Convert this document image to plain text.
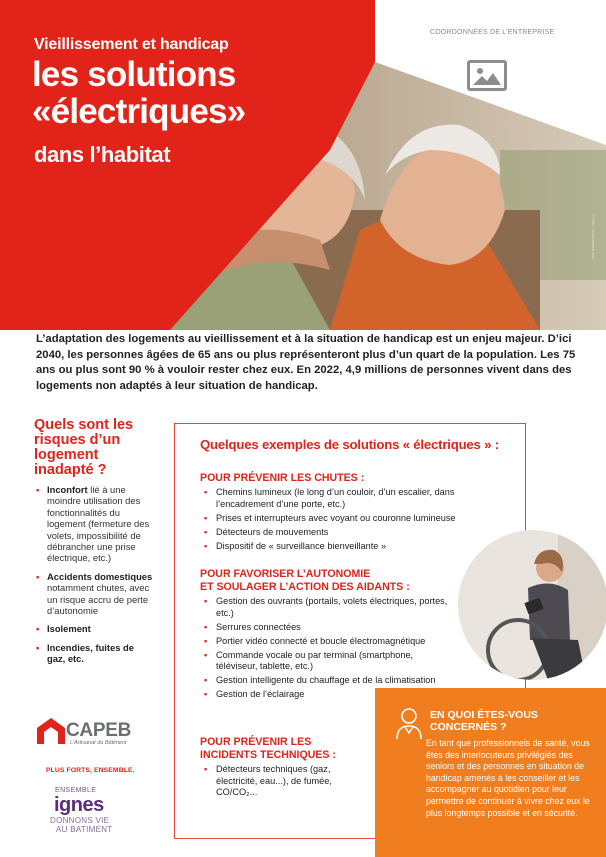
Vieillissement et handicap
les solutions
«électriques»
dans l’habitat
COORDONNÉES DE L’ENTREPRISE
© Ekin - stock.adobe.com

L’adaptation des logements au vieillissement et à la situation de handicap est un enjeu majeur. D’ici 2040, les personnes âgées de 65 ans ou plus représenteront plus d’un quart de la population. Les 75 ans ou plus sont 90 % à vouloir rester chez eux. En 2022, 4,9 millions de personnes vivent dans des logements non adaptés à leur situation de handicap.

Quels sont les risques d’un logement inadapté ?
• Inconfort lié à une moindre utilisation des fonctionnalités du logement (fermeture des volets, impossibilité de débrancher une prise électrique, etc.)
• Accidents domestiques notamment chutes, avec un risque accru de perte d’autonomie
• Isolement
• Incendies, fuites de gaz, etc.
CAPEB
L’Artisanat du Bâtiment
PLUS FORTS, ENSEMBLE.
ENSEMBLE
ignes
DONNONS VIE
AU BATIMENT
Quelques exemples de solutions « électriques » :
POUR PRÉVENIR LES CHUTES :
• Chemins lumineux (le long d’un couloir, d’un escalier, dans l’encadrement d’une porte, etc.)
• Prises et interrupteurs avec voyant ou couronne lumineuse
• Détecteurs de mouvements
• Dispositif de « surveillance bienveillante »
POUR FAVORISER L’AUTONOMIE
ET SOULAGER L’ACTION DES AIDANTS :
• Gestion des ouvrants (portails, volets électriques, portes, etc.)
• Serrures connectées
• Portier vidéo connecté et boucle électromagnétique
• Commande vocale ou par terminal (smartphone, téléviseur, tablette, etc.)
• Gestion intelligente du chauffage et de la climatisation
• Gestion de l’éclairage
POUR PRÉVENIR LES
INCIDENTS TECHNIQUES :
• Détecteurs techniques (gaz, électricité, eau...), de fumée, CO/CO₂...
EN QUOI ÊTES-VOUS
CONCERNÉS ?

En tant que professionnels de santé, vous êtes des interlocuteurs privilégiés des seniors et des personnes en situation de handicap amenés à les conseiller et les accompagner au quotidien pour leur permettre de continuer à vivre chez eux le plus longtemps possible et en sécurité.
